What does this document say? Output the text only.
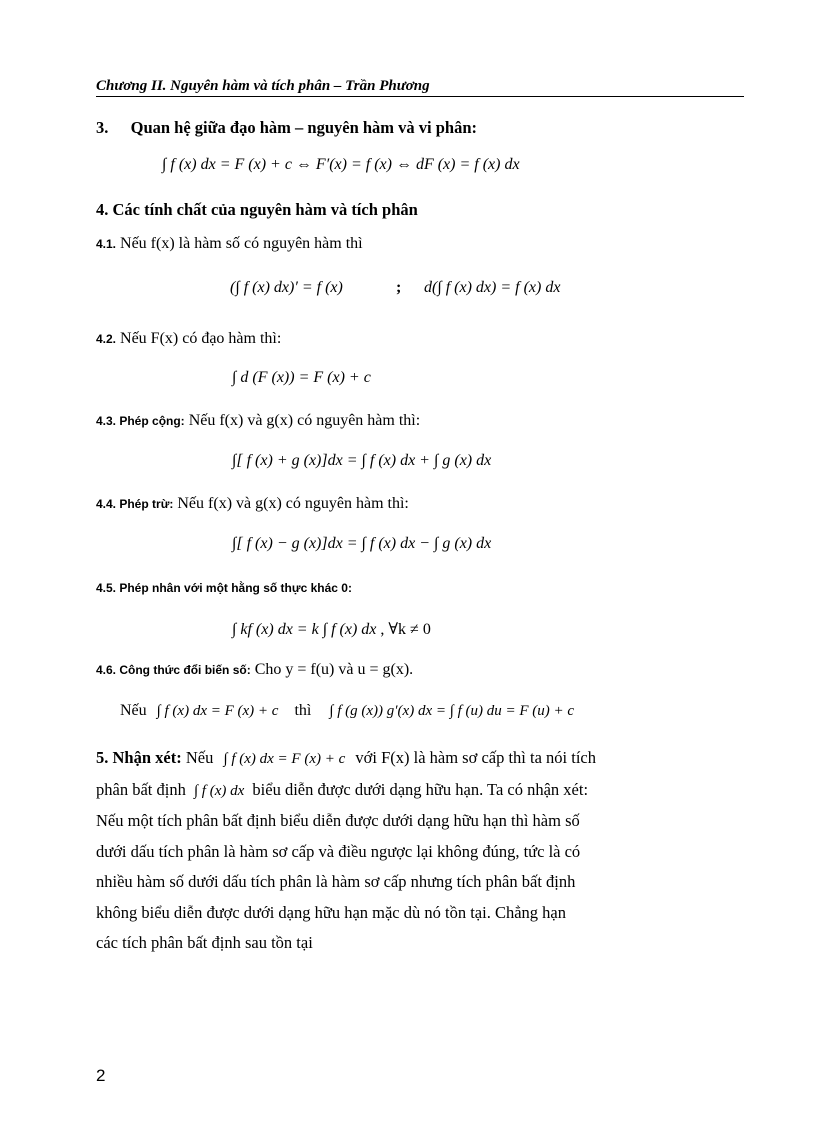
Chương II. Nguyên hàm và tích phân – Trần Phương
3. Quan hệ giữa đạo hàm – nguyên hàm và vi phân:
∫ f (x) dx = F (x) + c ⇔ F′(x) = f (x) ⇔ dF (x) = f (x) dx
4. Các tính chất của nguyên hàm và tích phân
4.1. Nếu f(x) là hàm số có nguyên hàm thì
(∫ f (x) dx)′ = f (x)	; d(∫ f (x) dx) = f (x) dx
4.2. Nếu F(x) có đạo hàm thì:
∫ d (F (x)) = F (x) + c
4.3. Phép cộng: Nếu f(x) và g(x) có nguyên hàm thì:
∫[ f (x) + g (x)]dx = ∫ f (x) dx + ∫ g (x) dx
4.4. Phép trừ: Nếu f(x) và g(x) có nguyên hàm thì:
∫[ f (x) − g (x)]dx = ∫ f (x) dx − ∫ g (x) dx
4.5. Phép nhân với một hằng số thực khác 0:
∫ kf (x) dx = k ∫ f (x) dx , ∀k ≠ 0
4.6. Công thức đổi biến số: Cho y = f(u) và u = g(x).
Nếu ∫ f (x) dx = F (x) + c thì ∫ f (g (x)) g′(x) dx = ∫ f (u) du = F (u) + c
5. Nhận xét: Nếu ∫ f (x) dx = F (x) + c với F(x) là hàm sơ cấp thì ta nói tích
phân bất định ∫ f (x) dx biểu diễn được dưới dạng hữu hạn. Ta có nhận xét:
Nếu một tích phân bất định biểu diễn được dưới dạng hữu hạn thì hàm số
dưới dấu tích phân là hàm sơ cấp và điều ngược lại không đúng, tức là có
nhiều hàm số dưới dấu tích phân là hàm sơ cấp nhưng tích phân bất định
không biểu diễn được dưới dạng hữu hạn mặc dù nó tồn tại. Chẳng hạn
các tích phân bất định sau tồn tại
2
